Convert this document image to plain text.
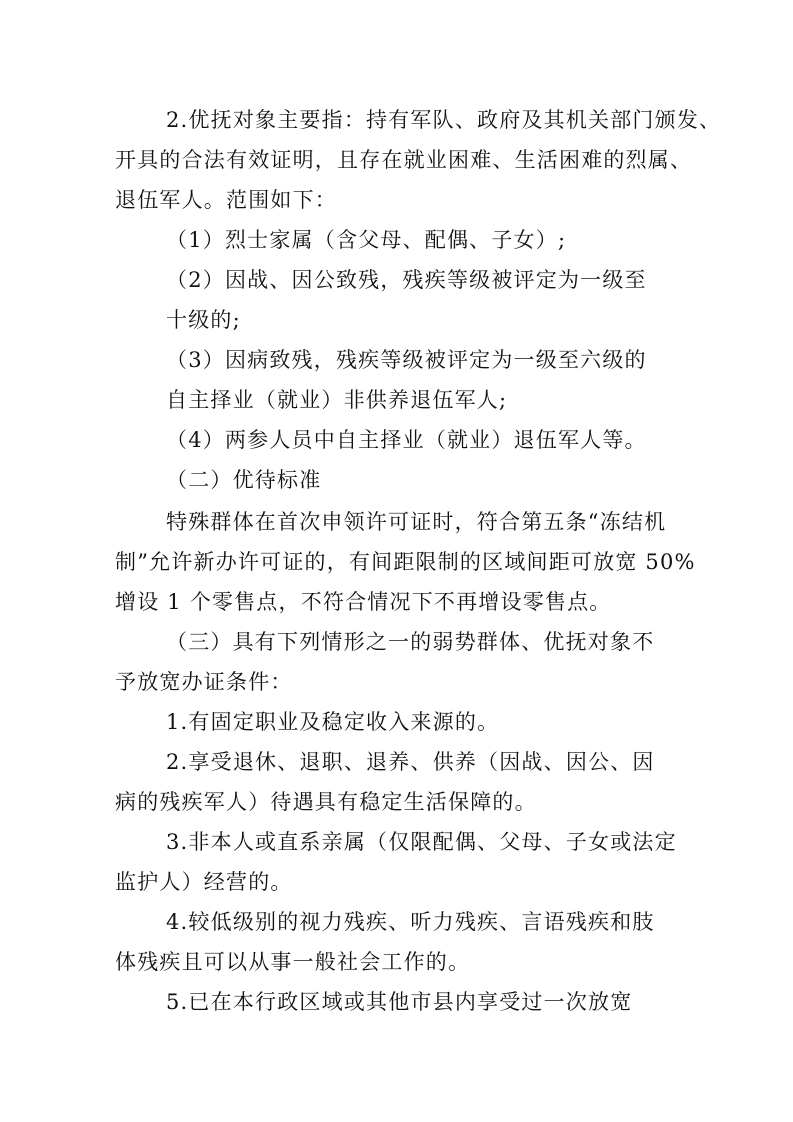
2.优抚对象主要指：持有军队、政府及其机关部门颁发、
开具的合法有效证明，且存在就业困难、生活困难的烈属、
退伍军人。范围如下：
（1）烈士家属（含父母、配偶、子女）;
（2）因战、因公致残，残疾等级被评定为一级至
十级的;
（3）因病致残，残疾等级被评定为一级至六级的
自主择业（就业）非供养退伍军人;
（4）两参人员中自主择业（就业）退伍军人等。
（二）优待标准
特殊群体在首次申领许可证时，符合第五条“冻结机
制”允许新办许可证的，有间距限制的区域间距可放宽 50%
增设 1 个零售点，不符合情况下不再增设零售点。
（三）具有下列情形之一的弱势群体、优抚对象不
予放宽办证条件：
1.有固定职业及稳定收入来源的。
2.享受退休、退职、退养、供养（因战、因公、因
病的残疾军人）待遇具有稳定生活保障的。
3.非本人或直系亲属（仅限配偶、父母、子女或法定
监护人）经营的。
4.较低级别的视力残疾、听力残疾、言语残疾和肢
体残疾且可以从事一般社会工作的。
5.已在本行政区域或其他市县内享受过一次放宽
